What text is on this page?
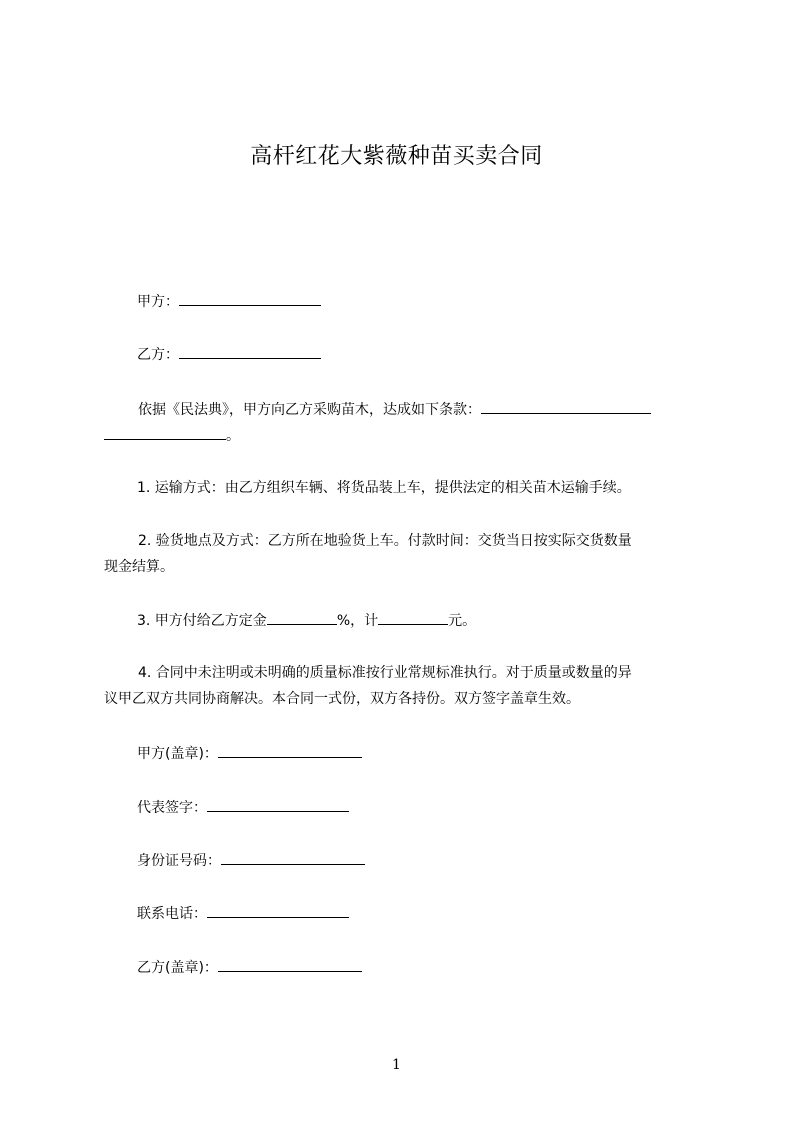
高杆红花大紫薇种苗买卖合同
甲方：
乙方：
依据《民法典》，甲方向乙方采购苗木，达成如下条款：
。
1. 运输方式：由乙方组织车辆、将货品装上车，提供法定的相关苗木运输手续。
2. 验货地点及方式：乙方所在地验货上车。付款时间：交货当日按实际交货数量
现金结算。
3. 甲方付给乙方定金	%，计	元。
4. 合同中未注明或未明确的质量标准按行业常规标准执行。对于质量或数量的异
议甲乙双方共同协商解决。本合同一式份，双方各持份。双方签字盖章生效。
甲方(盖章)：
代表签字：
身份证号码：
联系电话：
乙方(盖章)：
1
